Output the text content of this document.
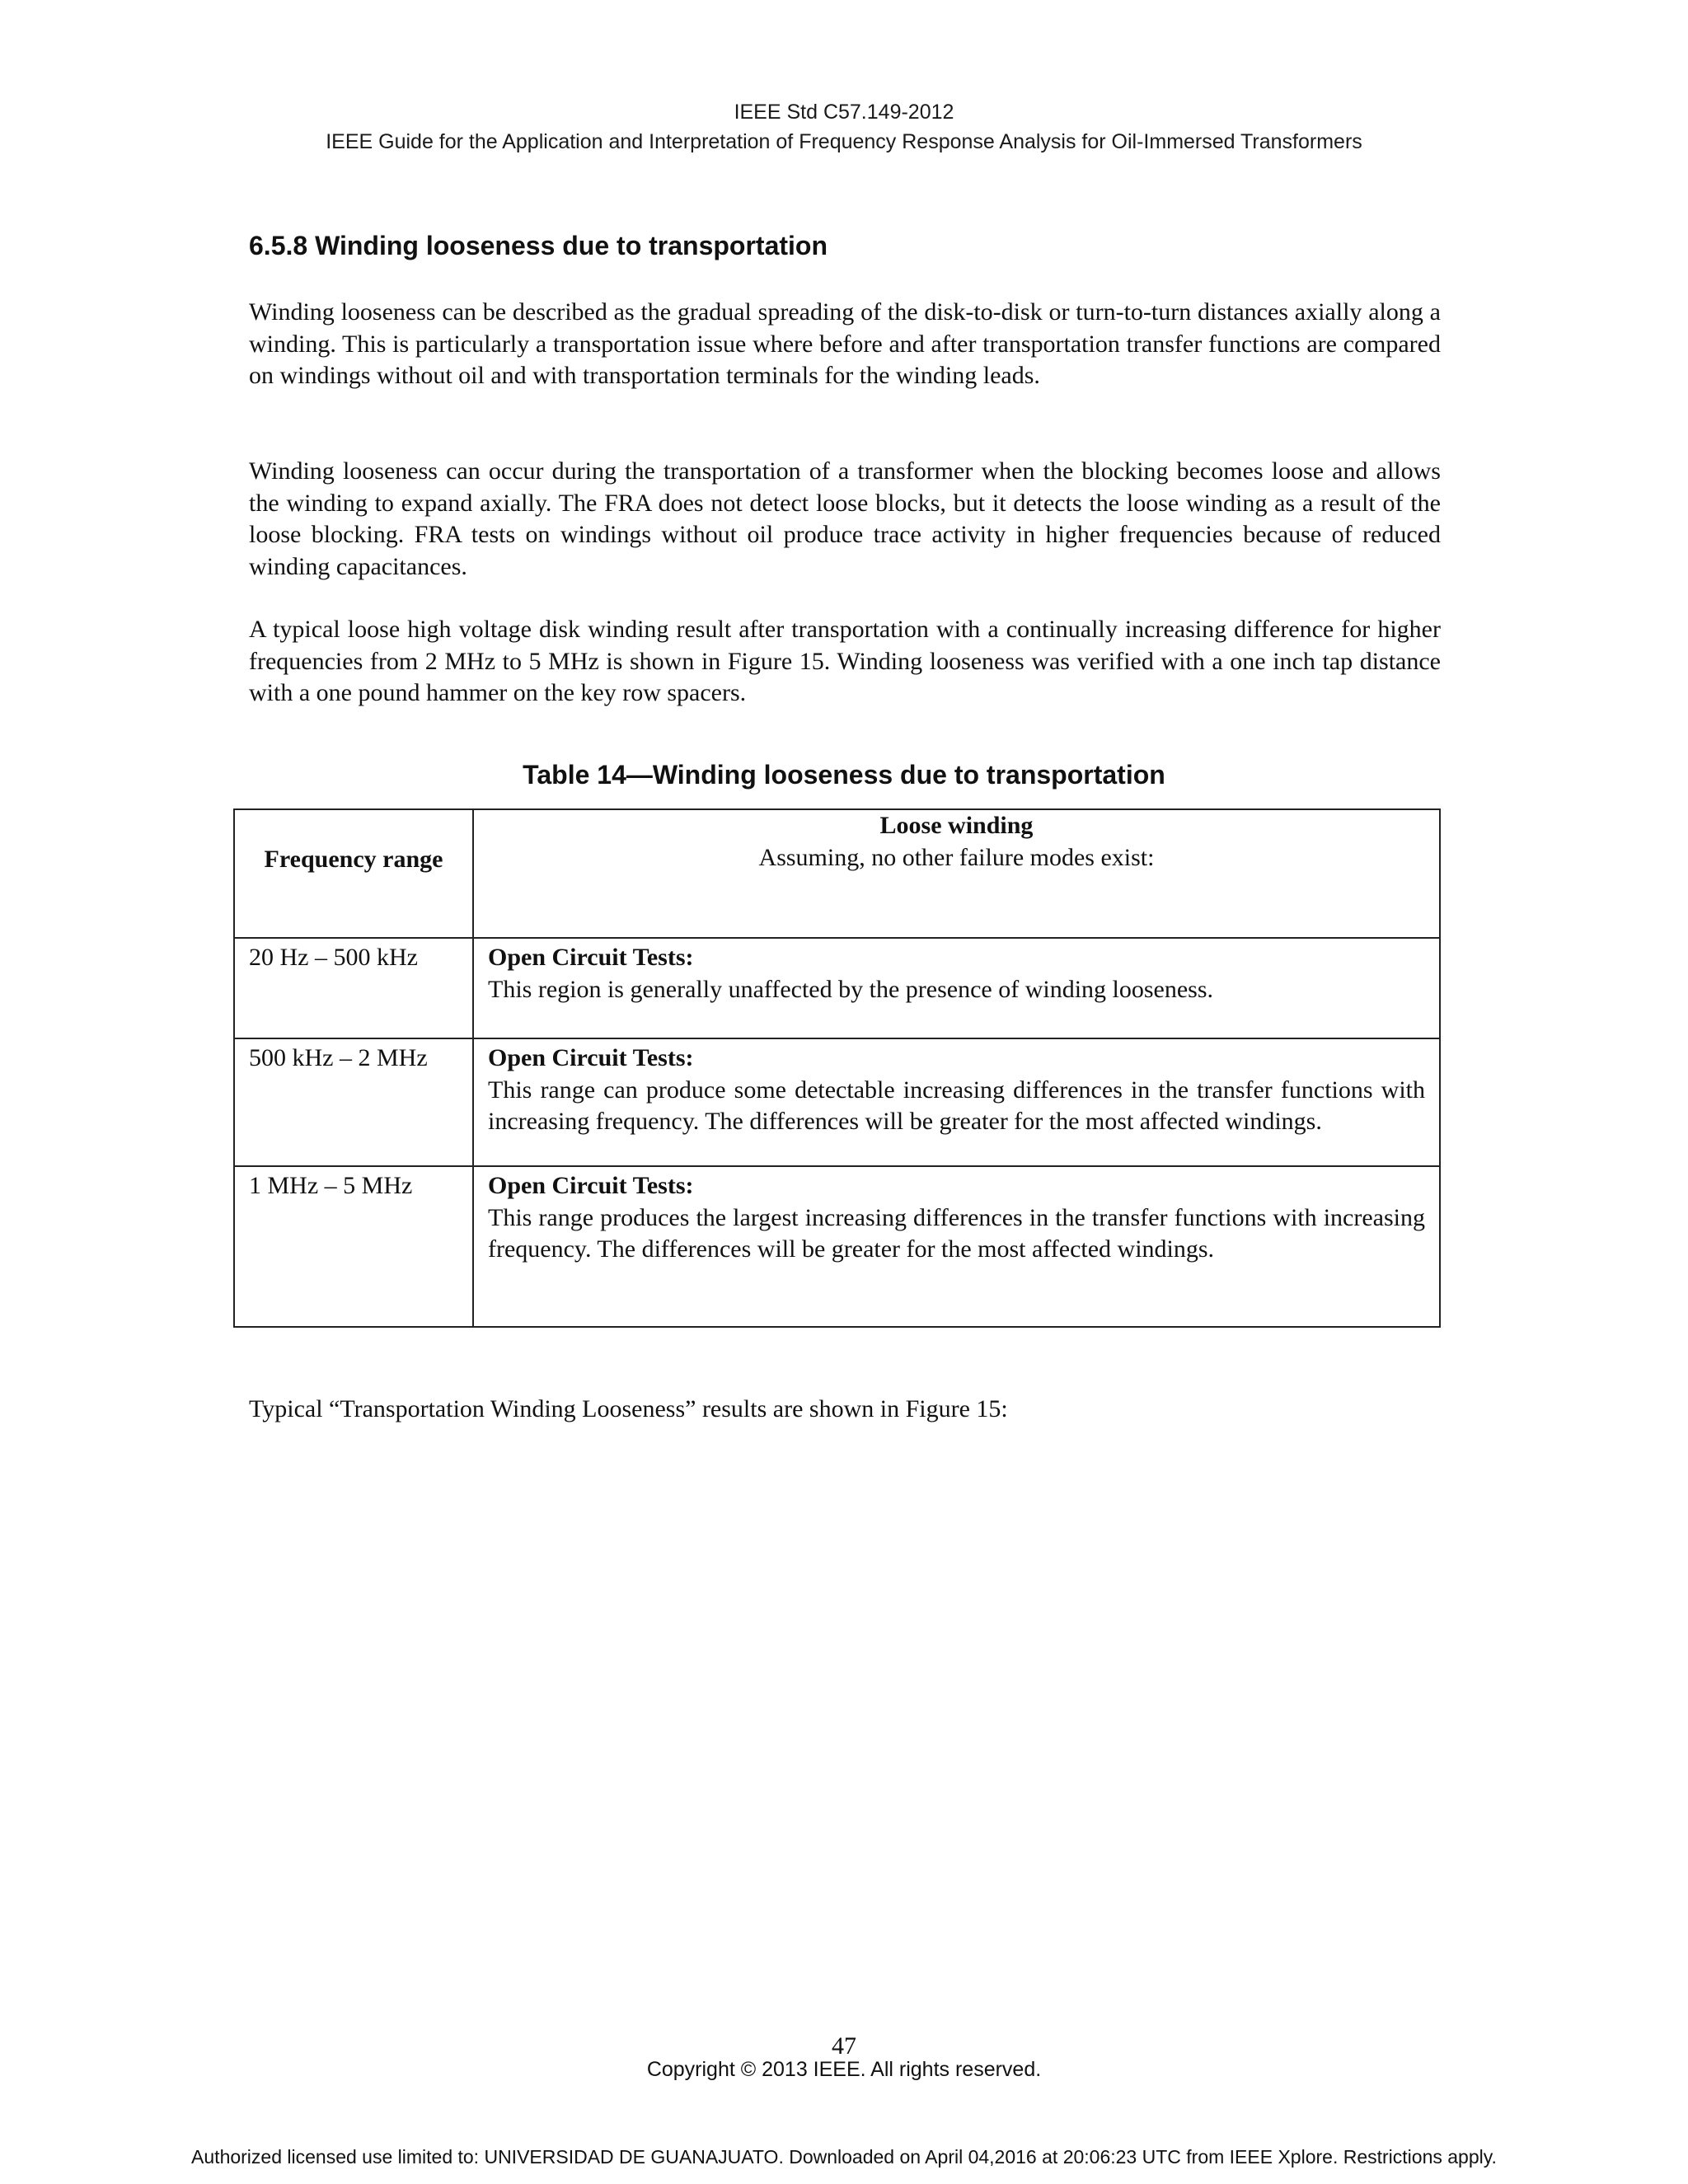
IEEE Std C57.149-2012
IEEE Guide for the Application and Interpretation of Frequency Response Analysis for Oil-Immersed Transformers
6.5.8 Winding looseness due to transportation

Winding looseness can be described as the gradual spreading of the disk-to-disk or turn-to-turn distances axially along a winding. This is particularly a transportation issue where before and after transportation transfer functions are compared on windings without oil and with transportation terminals for the winding leads.

Winding looseness can occur during the transportation of a transformer when the blocking becomes loose and allows the winding to expand axially. The FRA does not detect loose blocks, but it detects the loose winding as a result of the loose blocking. FRA tests on windings without oil produce trace activity in higher frequencies because of reduced winding capacitances.

A typical loose high voltage disk winding result after transportation with a continually increasing difference for higher frequencies from 2 MHz to 5 MHz is shown in Figure 15. Winding looseness was verified with a one inch tap distance with a one pound hammer on the key row spacers.

Table 14—Winding looseness due to transportation
Frequency range	Loose winding
Assuming, no other failure modes exist:
20 Hz – 500 kHz	Open Circuit Tests:
This region is generally unaffected by the presence of winding looseness.
500 kHz – 2 MHz	Open Circuit Tests:
This range can produce some detectable increasing differences in the transfer functions with increasing frequency. The differences will be greater for the most affected windings.
1 MHz – 5 MHz	Open Circuit Tests:
This range produces the largest increasing differences in the transfer functions with increasing frequency. The differences will be greater for the most affected windings.
Typical “Transportation Winding Looseness” results are shown in Figure 15:
47
Copyright © 2013 IEEE. All rights reserved.
Authorized licensed use limited to: UNIVERSIDAD DE GUANAJUATO. Downloaded on April 04,2016 at 20:06:23 UTC from IEEE Xplore. Restrictions apply.
